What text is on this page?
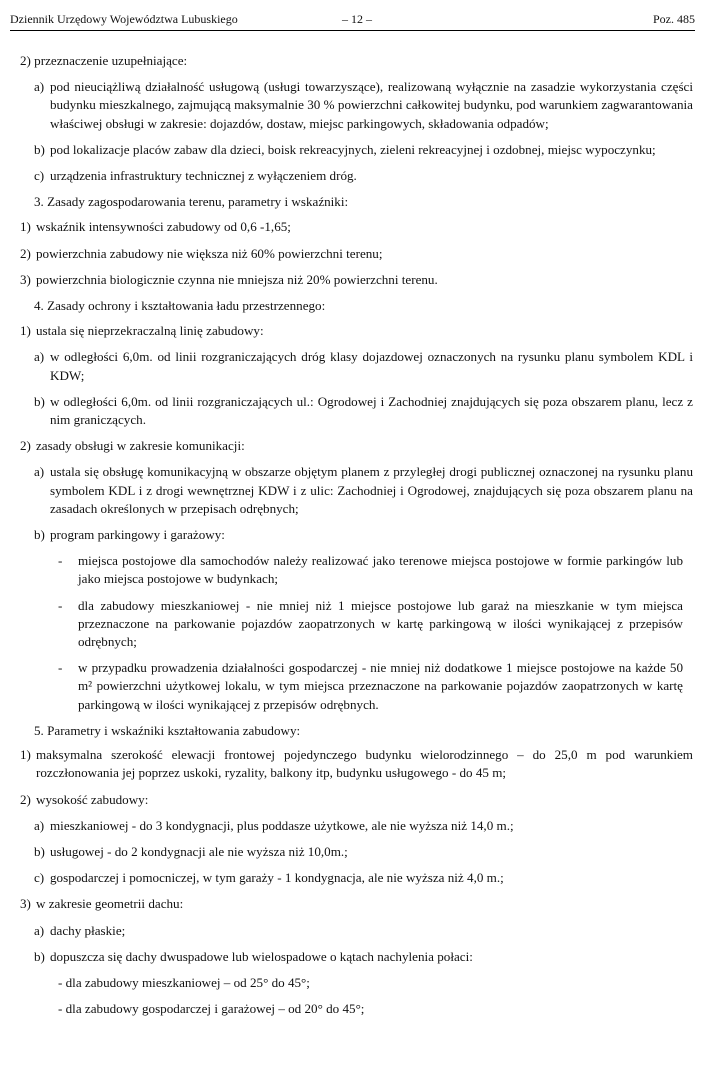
Dziennik Urzędowy Województwa Lubuskiego	– 12 –	Poz. 485
2) przeznaczenie uzupełniające:
a) pod nieuciążliwą działalność usługową (usługi towarzyszące), realizowaną wyłącznie na zasadzie wykorzystania części budynku mieszkalnego, zajmującą maksymalnie 30 % powierzchni całkowitej budynku, pod warunkiem zagwarantowania właściwej obsługi w zakresie: dojazdów, dostaw, miejsc parkingowych, składowania odpadów;
b) pod lokalizacje placów zabaw dla dzieci, boisk rekreacyjnych, zieleni rekreacyjnej i ozdobnej, miejsc wypoczynku;
c) urządzenia infrastruktury technicznej z wyłączeniem dróg.
3. Zasady zagospodarowania terenu, parametry i wskaźniki:
1) wskaźnik intensywności zabudowy od 0,6 -1,65;
2) powierzchnia zabudowy nie większa niż 60% powierzchni terenu;
3) powierzchnia biologicznie czynna nie mniejsza niż 20% powierzchni terenu.
4. Zasady ochrony i kształtowania ładu przestrzennego:
1) ustala się nieprzekraczalną linię zabudowy:
a) w odległości 6,0m. od linii rozgraniczających dróg klasy dojazdowej oznaczonych na rysunku planu symbolem KDL i KDW;
b) w odległości 6,0m. od linii rozgraniczających ul.: Ogrodowej i Zachodniej znajdujących się poza obszarem planu, lecz z nim graniczących.
2) zasady obsługi w zakresie komunikacji:
a) ustala się obsługę komunikacyjną w obszarze objętym planem z przyległej drogi publicznej oznaczonej na rysunku planu symbolem KDL i z drogi wewnętrznej KDW i z ulic: Zachodniej i Ogrodowej, znajdujących się poza obszarem planu na zasadach określonych w przepisach odrębnych;
b) program parkingowy i garażowy:
- miejsca postojowe dla samochodów należy realizować jako terenowe miejsca postojowe w formie parkingów lub jako miejsca postojowe w budynkach;
- dla zabudowy mieszkaniowej - nie mniej niż 1 miejsce postojowe lub garaż na mieszkanie w tym miejsca przeznaczone na parkowanie pojazdów zaopatrzonych w kartę parkingową w ilości wynikającej z przepisów odrębnych;
- w przypadku prowadzenia działalności gospodarczej - nie mniej niż dodatkowe 1 miejsce postojowe na każde 50 m² powierzchni użytkowej lokalu, w tym miejsca przeznaczone na parkowanie pojazdów zaopatrzonych w kartę parkingową w ilości wynikającej z przepisów odrębnych.
5. Parametry i wskaźniki kształtowania zabudowy:
1) maksymalna szerokość elewacji frontowej pojedynczego budynku wielorodzinnego – do 25,0 m pod warunkiem rozczłonowania jej poprzez uskoki, ryzality, balkony itp, budynku usługowego - do 45 m;
2) wysokość zabudowy:
a) mieszkaniowej - do 3 kondygnacji, plus poddasze użytkowe, ale nie wyższa niż 14,0 m.;
b) usługowej - do 2 kondygnacji ale nie wyższa niż 10,0m.;
c) gospodarczej i pomocniczej, w tym garaży - 1 kondygnacja, ale nie wyższa niż 4,0 m.;
3) w zakresie geometrii dachu:
a) dachy płaskie;
b) dopuszcza się dachy dwuspadowe lub wielospadowe o kątach nachylenia połaci:
- dla zabudowy mieszkaniowej – od 25° do 45°;
- dla zabudowy gospodarczej i garażowej – od 20° do 45°;
